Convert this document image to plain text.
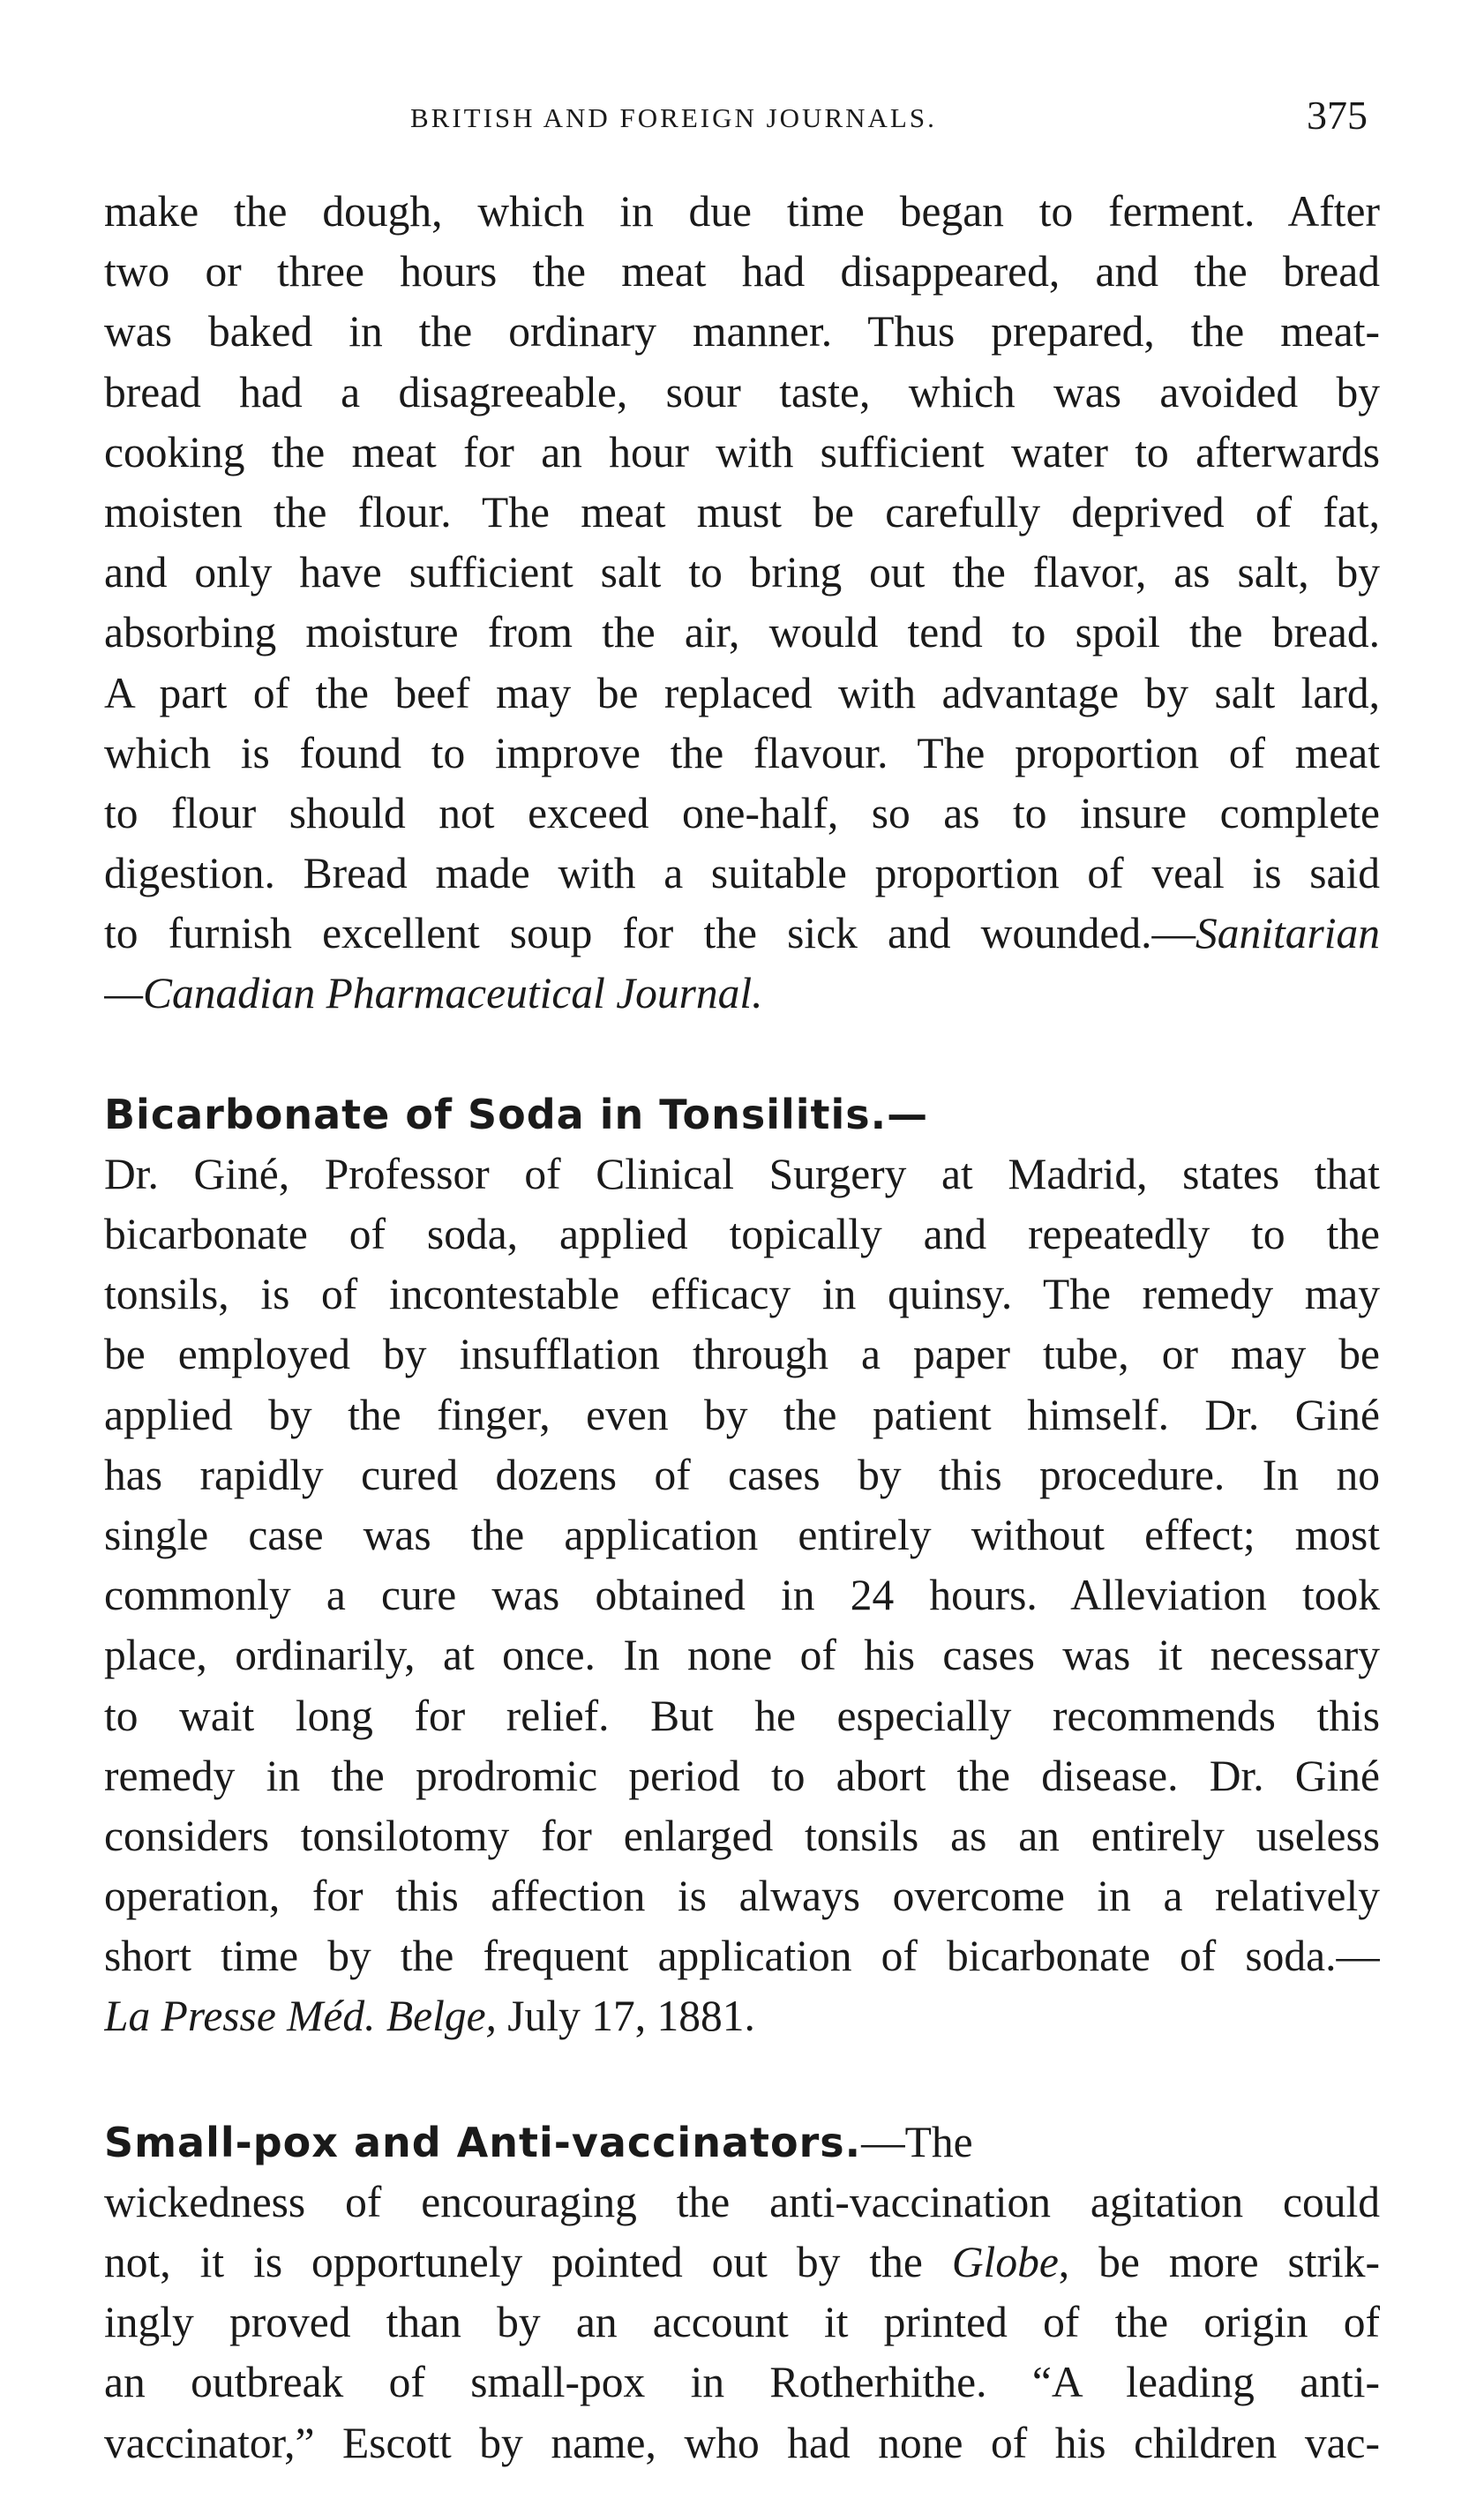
BRITISH AND FOREIGN JOURNALS.	375
make the dough, which in due time began to ferment. After
two or three hours the meat had disappeared, and the bread
was baked in the ordinary manner. Thus prepared, the meat-
bread had a disagreeable, sour taste, which was avoided by
cooking the meat for an hour with sufficient water to afterwards
moisten the flour. The meat must be carefully deprived of fat,
and only have sufficient salt to bring out the flavor, as salt, by
absorbing moisture from the air, would tend to spoil the bread.
A part of the beef may be replaced with advantage by salt lard,
which is found to improve the flavour. The proportion of meat
to flour should not exceed one-half, so as to insure complete
digestion. Bread made with a suitable proportion of veal is said
to furnish excellent soup for the sick and wounded.—Sanitarian
—Canadian Pharmaceutical Journal.
Bicarbonate of Soda in Tonsilitis.—
Dr. Giné, Professor of Clinical Surgery at Madrid, states that
bicarbonate of soda, applied topically and repeatedly to the
tonsils, is of incontestable efficacy in quinsy. The remedy may
be employed by insufflation through a paper tube, or may be
applied by the finger, even by the patient himself. Dr. Giné
has rapidly cured dozens of cases by this procedure. In no
single case was the application entirely without effect; most
commonly a cure was obtained in 24 hours. Alleviation took
place, ordinarily, at once. In none of his cases was it necessary
to wait long for relief. But he especially recommends this
remedy in the prodromic period to abort the disease. Dr. Giné
considers tonsilotomy for enlarged tonsils as an entirely useless
operation, for this affection is always overcome in a relatively
short time by the frequent application of bicarbonate of soda.—
La Presse Méd. Belge, July 17, 1881.
Small-pox and Anti-vaccinators.—The
wickedness of encouraging the anti-vaccination agitation could
not, it is opportunely pointed out by the Globe, be more strik-
ingly proved than by an account it printed of the origin of
an outbreak of small-pox in Rotherhithe. “A leading anti-
vaccinator,” Escott by name, who had none of his children vac-
